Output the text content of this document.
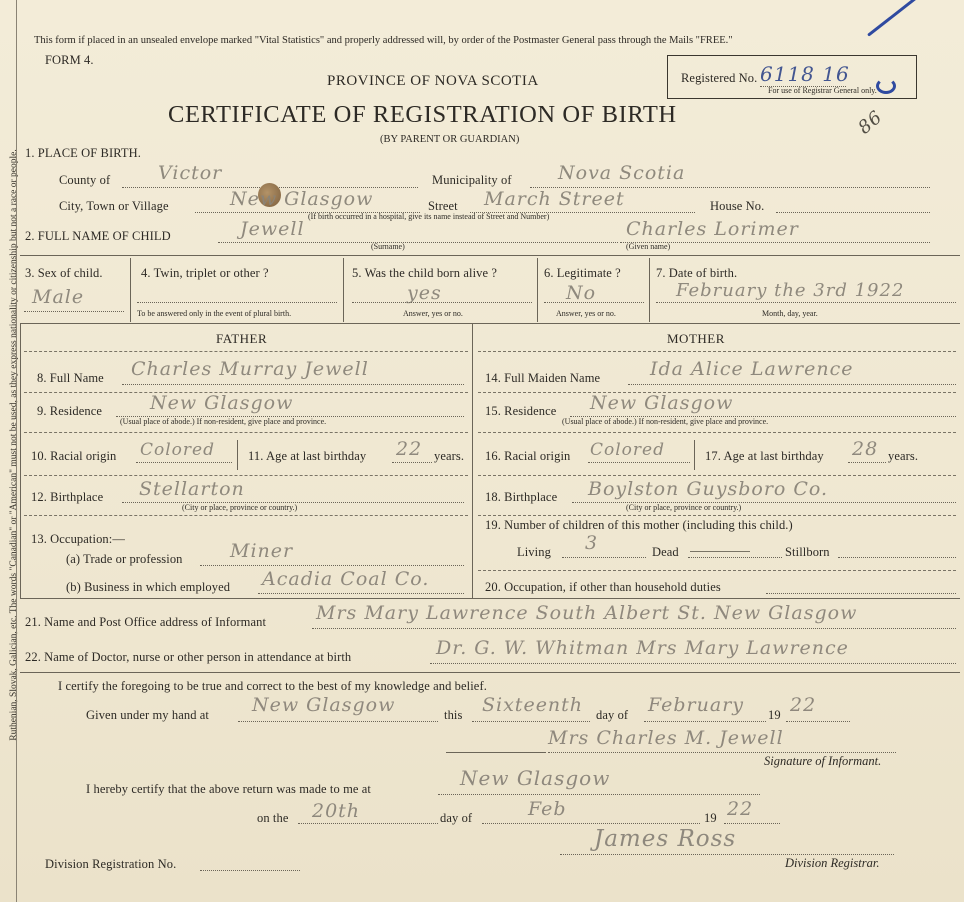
Ruthenian, Slovak, Galician, etc. The words "Canadian" or "American" must not be used, as they express nationality or citizenship but not a race or people.
This form if placed in an unsealed envelope marked "Vital Statistics" and properly addressed will, by order of the Postmaster General pass through the Mails "FREE."
FORM 4.
PROVINCE OF NOVA SCOTIA
CERTIFICATE OF REGISTRATION OF BIRTH
(BY PARENT OR GUARDIAN)
Registered No. 6118 16
For use of Registrar General only.
86
1. PLACE OF BIRTH.
County of	Victor	Municipality of Nova Scotia
City, Town or Village	New Glasgow	Street March Street	House No.
(If birth occurred in a hospital, give its name instead of Street and Number)
2. FULL NAME OF CHILD	Jewell
(Surname)
Charles Lorimer
(Given name)
3. Sex of child.
Male
4. Twin, triplet or other ?
To be answered only in the event of plural birth.
5. Was the child born alive ?
yes
Answer, yes or no.
6. Legitimate ?
No
Answer, yes or no.
7. Date of birth.
February the 3rd 1922
Month, day, year.
FATHER	MOTHER
8. Full Name Charles Murray Jewell
9. Residence	New Glasgow
(Usual place of abode.) If non-resident, give place and province.
10. Racial origin Colored	11. Age at last birthday 22 years.
12. Birthplace Stellarton
(City or place, province or country.)
13. Occupation:—
(a) Trade or profession Miner
(b) Business in which employed Acadia Coal Co.
14. Full Maiden Name	Ida Alice Lawrence
15. Residence New Glasgow
(Usual place of abode.) If non-resident, give place and province.
16. Racial origin Colored	17. Age at last birthday 28 years.
18. Birthplace Boylston Guysboro Co.
(City or place, province or country.)
19. Number of children of this mother (including this child.)
Living 3	Dead	Stillborn
20. Occupation, if other than household duties
21. Name and Post Office address of Informant	Mrs Mary Lawrence South Albert St. New Glasgow
22. Name of Doctor, nurse or other person in attendance at birth	Dr. G. W. Whitman Mrs Mary Lawrence
I certify the foregoing to be true and correct to the best of my knowledge and belief.
Given under my hand at New Glasgow	this Sixteenth day of February 19 22
Mrs Charles M. Jewell
Signature of Informant.
I hereby certify that the above return was made to me at	New Glasgow
on the 20th	day of	Feb	19 22
Division Registration No.
James Ross
Division Registrar.
